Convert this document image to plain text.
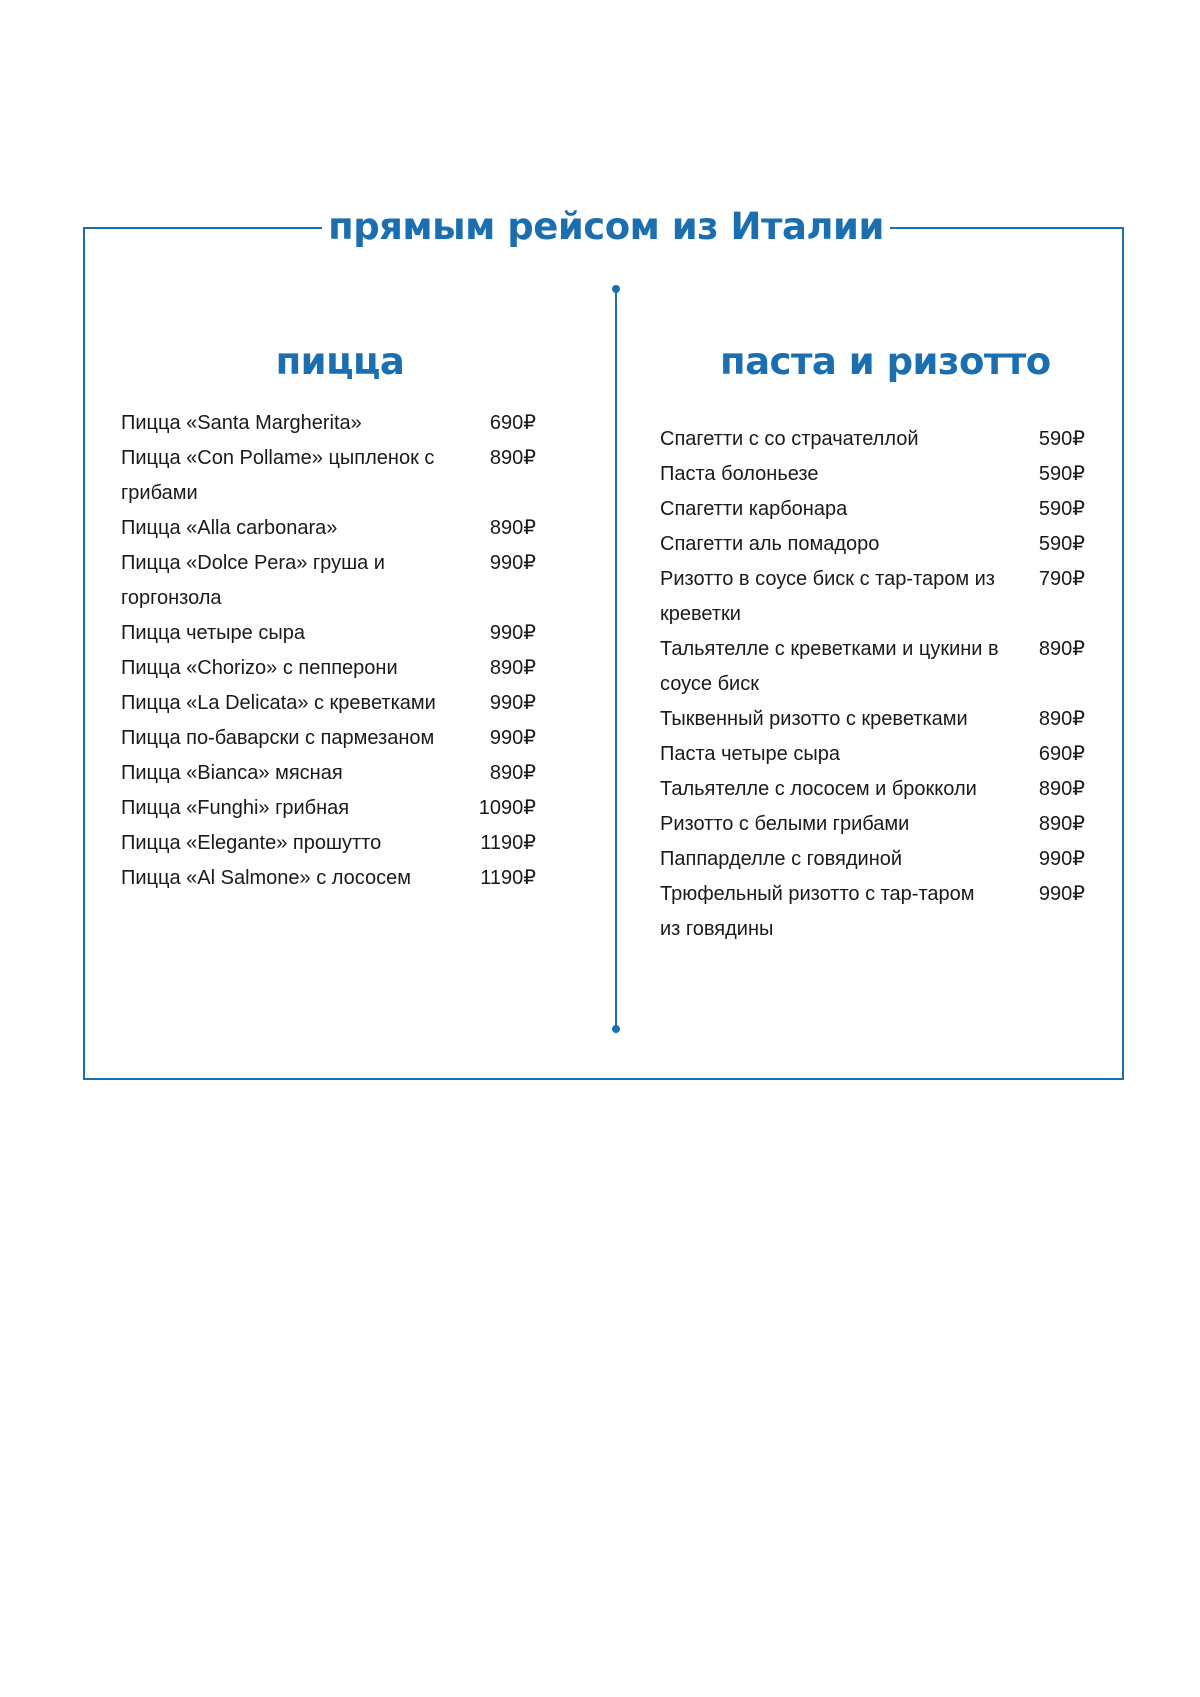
прямым рейсом из Италии
пицца	паста и ризотто
Пицца «Santa Margherita»	690₽
Пицца «Con Pollame» цыпленок с грибами
890₽
Пицца «Alla carbonara»	890₽
Пицца «Dolce Pera» груша и горгонзола
990₽
Пицца четыре сыра	990₽
Пицца «Chorizo» с пепперони	890₽
Пицца «La Delicata» с креветками	990₽
Пицца по-баварски с пармезаном	990₽
Пицца «Bianca» мясная	890₽
Пицца «Funghi» грибная	1090₽
Пицца «Elegante» прошутто	1190₽
Пицца «Al Salmone» с лососем	1190₽
Спагетти с со страчателлой	590₽
Паста болоньезе	590₽
Спагетти карбонара	590₽
Спагетти аль помадоро	590₽
Ризотто в соусе биск с тар-таром из креветки
790₽
Тальятелле с креветками и цукини в соусе биск
890₽
Тыквенный ризотто с креветками	890₽
Паста четыре сыра	690₽
Тальятелле с лососем и брокколи	890₽
Ризотто с белыми грибами	890₽
Паппарделле с говядиной	990₽
Трюфельный ризотто с тар-таром из говядины
990₽
